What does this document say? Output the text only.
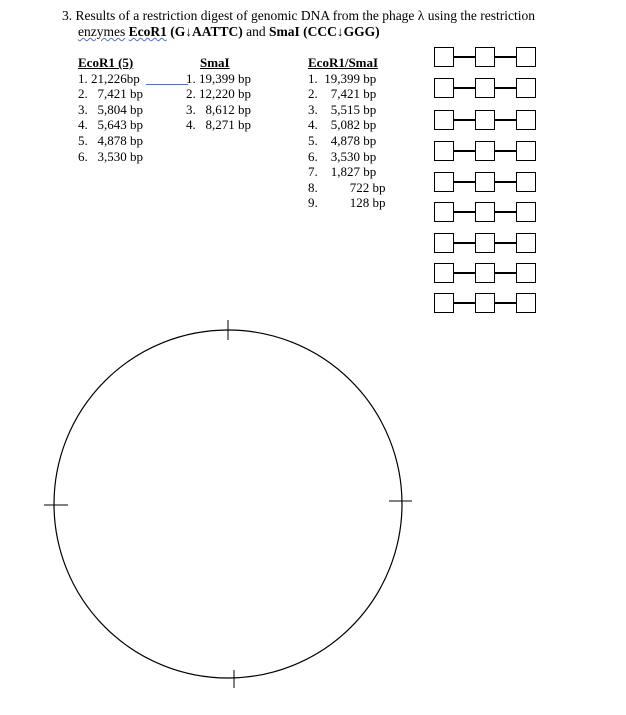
3. Results of a restriction digest of genomic DNA from the phage λ using the restriction
enzymes EcoR1 (G↓AATTC) and SmaI (CCC↓GGG)
EcoR1 (5)
1. 21,226bp
2.   7,421 bp
3.   5,804 bp
4.   5,643 bp
5.   4,878 bp
6.   3,530 bp
SmaI
1. 19,399 bp
2. 12,220 bp
3.   8,612 bp
4.   8,271 bp
EcoR1/SmaI
1. 19,399 bp
2. 7,421 bp
3. 5,515 bp
4. 5,082 bp
5. 4,878 bp
6. 3,530 bp
7. 1,827 bp
8. 722 bp
9. 128 bp
